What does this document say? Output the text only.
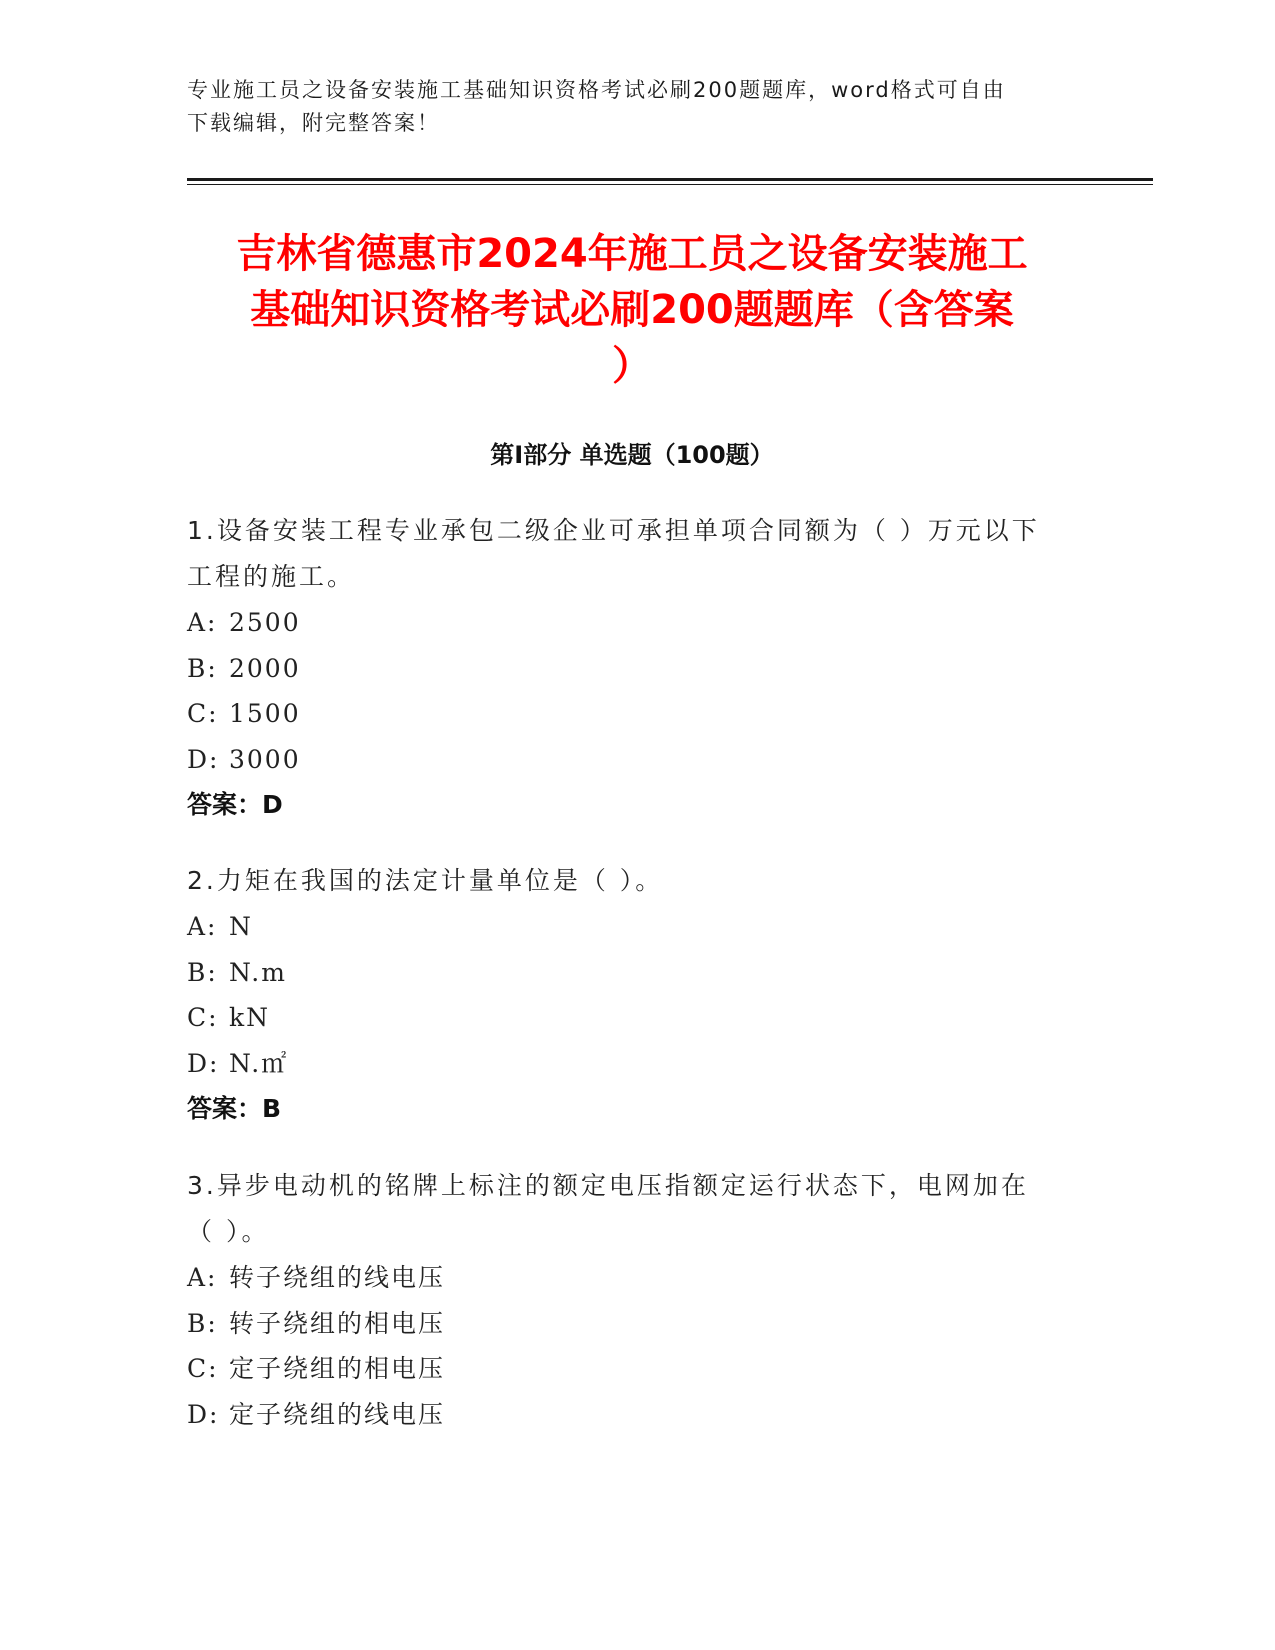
专业施工员之设备安装施工基础知识资格考试必刷200题题库，word格式可自由
下载编辑，附完整答案！
吉林省德惠市2024年施工员之设备安装施工
基础知识资格考试必刷200题题库（含答案
）
第I部分 单选题（100题）
1.设备安装工程专业承包二级企业可承担单项合同额为（ ）万元以下
工程的施工。
A: 2500
B: 2000
C: 1500
D: 3000
答案：D
2.力矩在我国的法定计量单位是（ ）。
A: N
B: N.m
C: kN
D: N.㎡
答案：B
3.异步电动机的铭牌上标注的额定电压指额定运行状态下，电网加在
（ ）。
A: 转子绕组的线电压
B: 转子绕组的相电压
C: 定子绕组的相电压
D: 定子绕组的线电压
